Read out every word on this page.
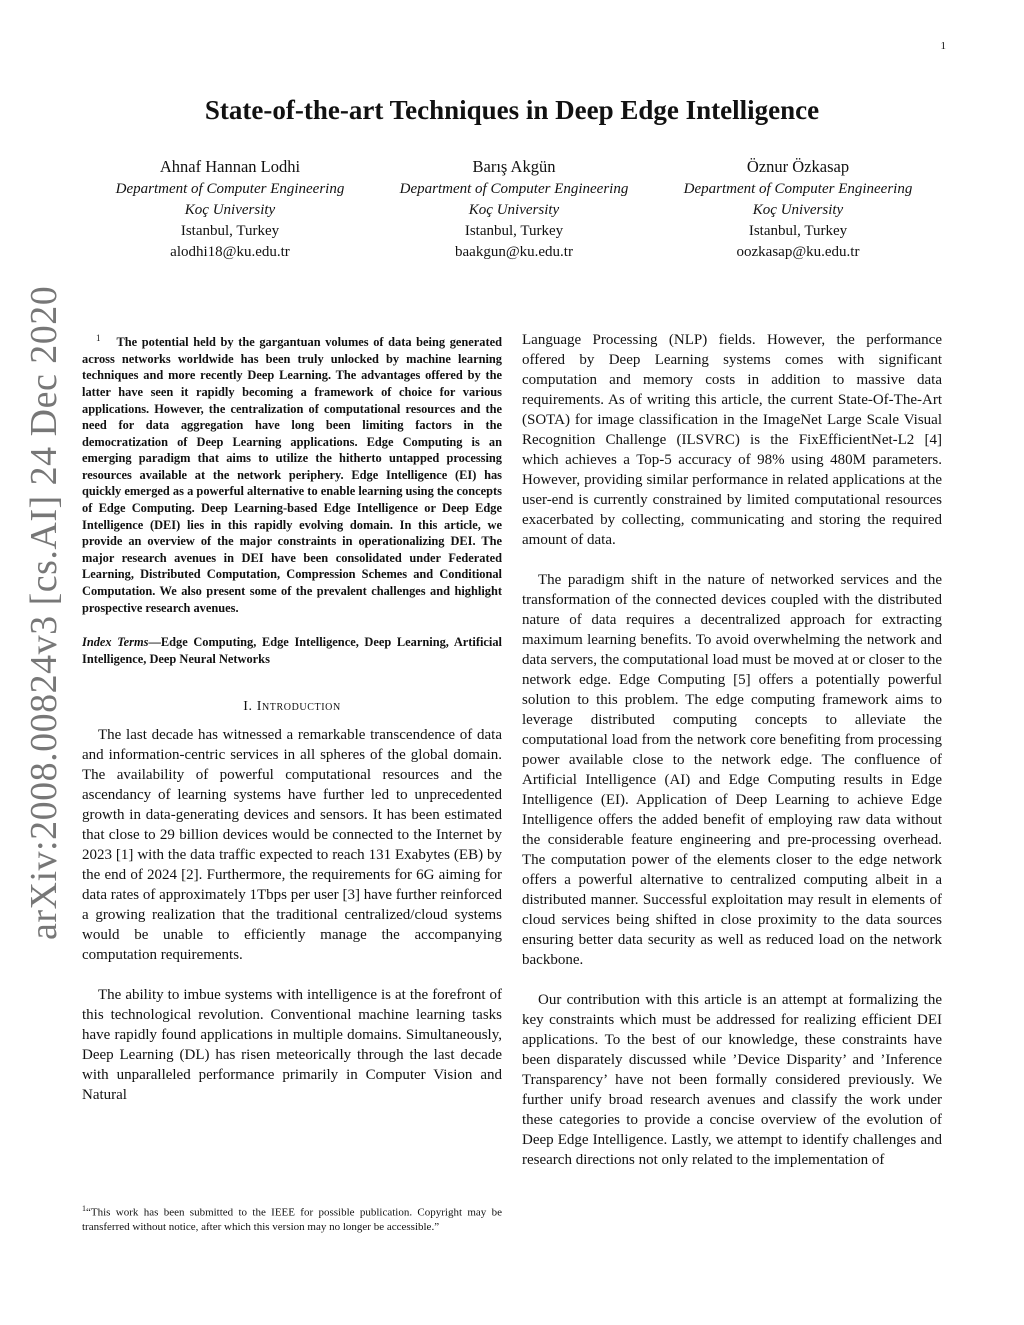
1
arXiv:2008.00824v3 [cs.AI] 24 Dec 2020
State-of-the-art Techniques in Deep Edge Intelligence
Ahnaf Hannan Lodhi
Department of Computer Engineering
Koç University
Istanbul, Turkey
alodhi18@ku.edu.tr
Barış Akgün
Department of Computer Engineering
Koç University
Istanbul, Turkey
baakgun@ku.edu.tr
Öznur Özkasap
Department of Computer Engineering
Koç University
Istanbul, Turkey
oozkasap@ku.edu.tr

$^1$ The potential held by the gargantuan volumes of data being generated across networks worldwide has been truly unlocked by machine learning techniques and more recently Deep Learning. The advantages offered by the latter have seen it rapidly becoming a framework of choice for various applications. However, the centralization of computational resources and the need for data aggregation have long been limiting factors in the democratization of Deep Learning applications. Edge Computing is an emerging paradigm that aims to utilize the hitherto untapped processing resources available at the network periphery. Edge Intelligence (EI) has quickly emerged as a powerful alternative to enable learning using the concepts of Edge Computing. Deep Learning-based Edge Intelligence or Deep Edge Intelligence (DEI) lies in this rapidly evolving domain. In this article, we provide an overview of the major constraints in operationalizing DEI. The major research avenues in DEI have been consolidated under Federated Learning, Distributed Computation, Compression Schemes and Conditional Computation. We also present some of the prevalent challenges and highlight prospective research avenues.

Index Terms—Edge Computing, Edge Intelligence, Deep Learning, Artificial Intelligence, Deep Neural Networks

I. Introduction

The last decade has witnessed a remarkable transcendence of data and information-centric services in all spheres of the global domain. The availability of powerful computational resources and the ascendancy of learning systems have further led to unprecedented growth in data-generating devices and sensors. It has been estimated that close to 29 billion devices would be connected to the Internet by 2023 [1] with the data traffic expected to reach 131 Exabytes (EB) by the end of 2024 [2]. Furthermore, the requirements for 6G aiming for data rates of approximately 1Tbps per user [3] have further reinforced a growing realization that the traditional centralized/cloud systems would be unable to efficiently manage the accompanying computation requirements.

The ability to imbue systems with intelligence is at the forefront of this technological revolution. Conventional machine learning tasks have rapidly found applications in multiple domains. Simultaneously, Deep Learning (DL) has risen meteorically through the last decade with unparalleled performance primarily in Computer Vision and Natural

$^1$“This work has been submitted to the IEEE for possible publication. Copyright may be transferred without notice, after which this version may no longer be accessible.”

Language Processing (NLP) fields. However, the performance offered by Deep Learning systems comes with significant computation and memory costs in addition to massive data requirements. As of writing this article, the current State-Of-The-Art (SOTA) for image classification in the ImageNet Large Scale Visual Recognition Challenge (ILSVRC) is the FixEfficientNet-L2 [4] which achieves a Top-5 accuracy of 98% using 480M parameters. However, providing similar performance in related applications at the user-end is currently constrained by limited computational resources exacerbated by collecting, communicating and storing the required amount of data.

The paradigm shift in the nature of networked services and the transformation of the connected devices coupled with the distributed nature of data requires a decentralized approach for extracting maximum learning benefits. To avoid overwhelming the network and data servers, the computational load must be moved at or closer to the network edge. Edge Computing [5] offers a potentially powerful solution to this problem. The edge computing framework aims to leverage distributed computing concepts to alleviate the computational load from the network core benefiting from processing power available close to the network edge. The confluence of Artificial Intelligence (AI) and Edge Computing results in Edge Intelligence (EI). Application of Deep Learning to achieve Edge Intelligence offers the added benefit of employing raw data without the considerable feature engineering and pre-processing overhead. The computation power of the elements closer to the edge network offers a powerful alternative to centralized computing albeit in a distributed manner. Successful exploitation may result in elements of cloud services being shifted in close proximity to the data sources ensuring better data security as well as reduced load on the network backbone.

Our contribution with this article is an attempt at formalizing the key constraints which must be addressed for realizing efficient DEI applications. To the best of our knowledge, these constraints have been disparately discussed while ’Device Disparity’ and ’Inference Transparency’ have not been formally considered previously. We further unify broad research avenues and classify the work under these categories to provide a concise overview of the evolution of Deep Edge Intelligence. Lastly, we attempt to identify challenges and research directions not only related to the implementation of
